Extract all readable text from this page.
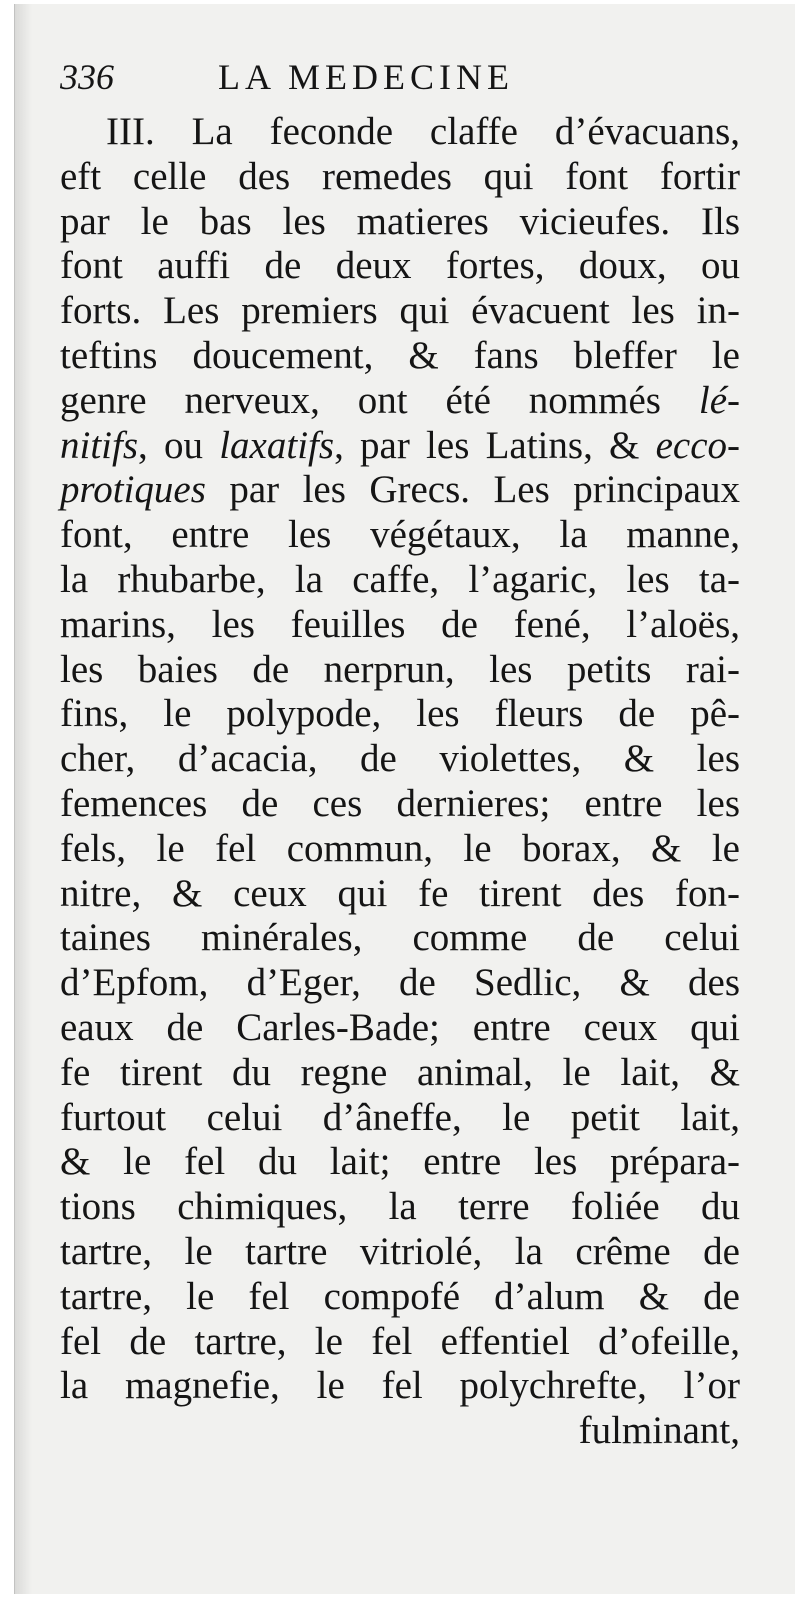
336	LA MEDECINE
III. La feconde claffe d’évacuans,
eft celle des remedes qui font fortir
par le bas les matieres vicieufes. Ils
font auffi de deux fortes, doux, ou
forts. Les premiers qui évacuent les in-
teftins doucement, & fans bleffer le
genre nerveux, ont été nommés lé-
nitifs, ou laxatifs, par les Latins, & ecco-
protiques par les Grecs. Les principaux
font, entre les végétaux, la manne,
la rhubarbe, la caffe, l’agaric, les ta-
marins, les feuilles de fené, l’aloës,
les baies de nerprun, les petits rai-
fins, le polypode, les fleurs de pê-
cher, d’acacia, de violettes, & les
femences de ces dernieres; entre les
fels, le fel commun, le borax, & le
nitre, & ceux qui fe tirent des fon-
taines minérales, comme de celui
d’Epfom, d’Eger, de Sedlic, & des
eaux de Carles-Bade; entre ceux qui
fe tirent du regne animal, le lait, &
furtout celui d’âneffe, le petit lait,
& le fel du lait; entre les prépara-
tions chimiques, la terre foliée du
tartre, le tartre vitriolé, la crême de
tartre, le fel compofé d’alum & de
fel de tartre, le fel effentiel d’ofeille,
la magnefie, le fel polychrefte, l’or
fulminant,
